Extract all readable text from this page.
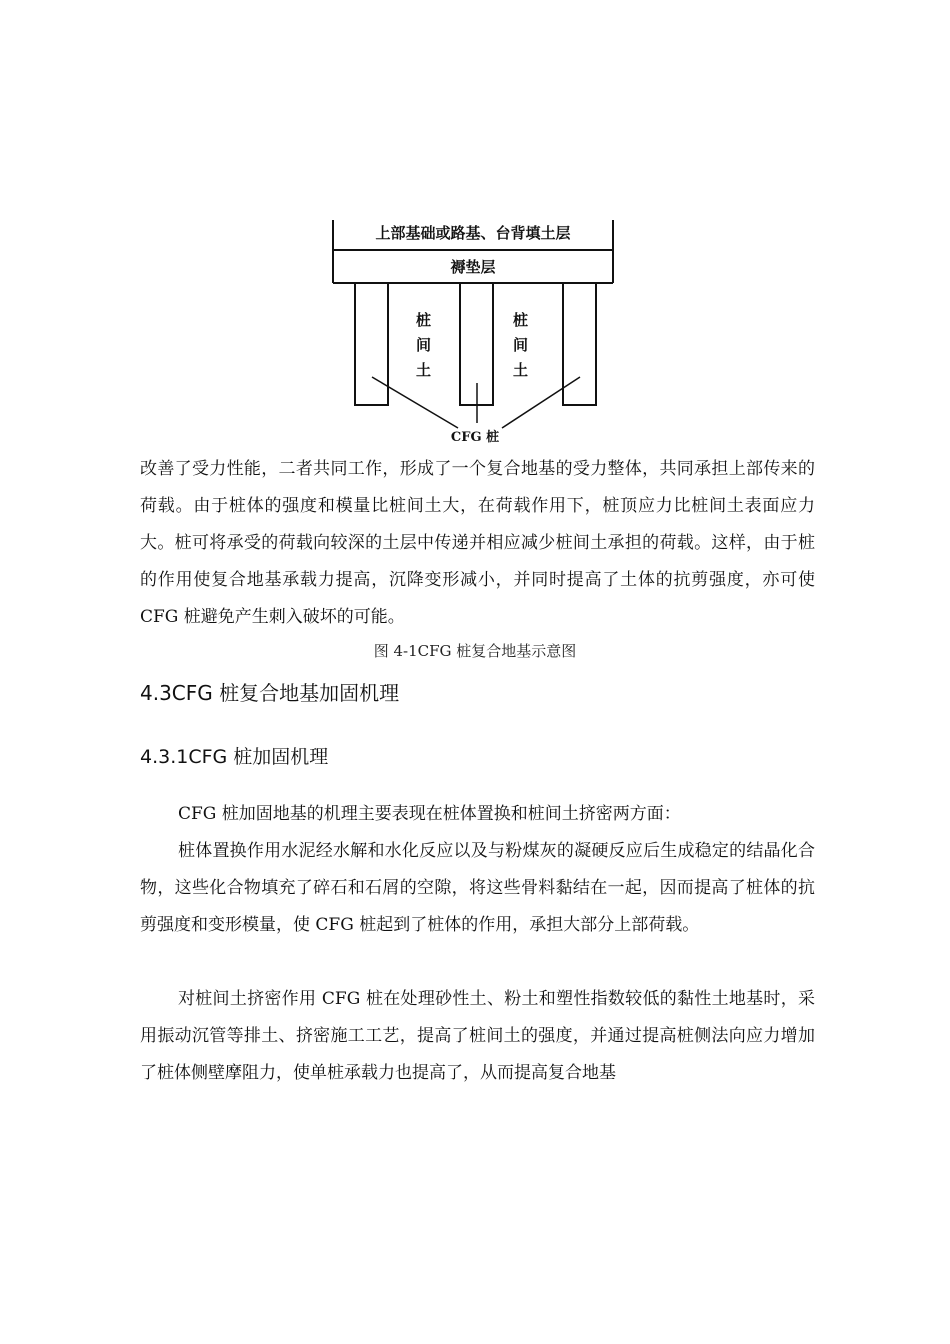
上部基础或路基、台背填土层
褥垫层
桩
间
土
桩
间
土
CFG 桩

改善了受力性能，二者共同工作，形成了一个复合地基的受力整体，共同承担上部传来的荷载。由于桩体的强度和模量比桩间土大，在荷载作用下，桩顶应力比桩间土表面应力大。桩可将承受的荷载向较深的土层中传递并相应减少桩间土承担的荷载。这样，由于桩的作用使复合地基承载力提高，沉降变形减小，并同时提高了土体的抗剪强度，亦可使 CFG 桩避免产生刺入破坏的可能。

图 4-1CFG 桩复合地基示意图

4.3CFG 桩复合地基加固机理
4.3.1CFG 桩加固机理

CFG 桩加固地基的机理主要表现在桩体置换和桩间土挤密两方面：

桩体置换作用水泥经水解和水化反应以及与粉煤灰的凝硬反应后生成稳定的结晶化合物，这些化合物填充了碎石和石屑的空隙，将这些骨料黏结在一起，因而提高了桩体的抗剪强度和变形模量，使 CFG 桩起到了桩体的作用，承担大部分上部荷载。

对桩间土挤密作用 CFG 桩在处理砂性土、粉土和塑性指数较低的黏性土地基时，采用振动沉管等排土、挤密施工工艺，提高了桩间土的强度，并通过提高桩侧法向应力增加了桩体侧壁摩阻力，使单桩承载力也提高了，从而提高复合地基
